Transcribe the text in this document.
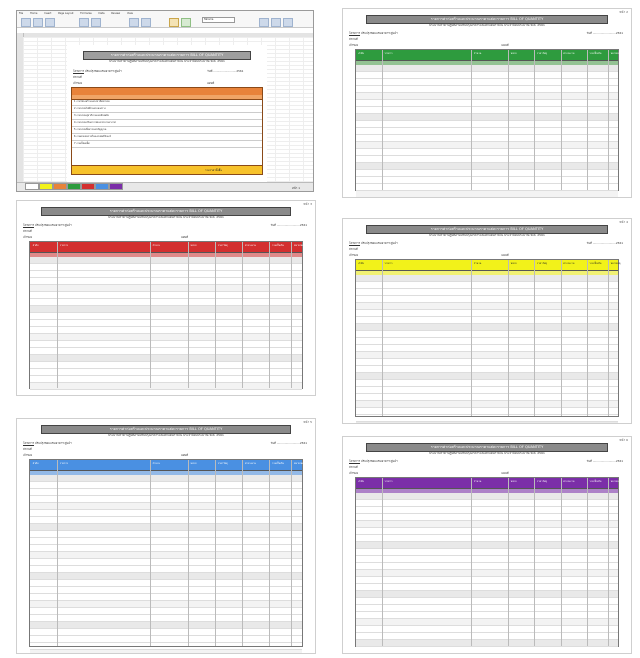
File	Home	Insert	Page Layout	Formulas	Data	Review	View
Tahoma
รายการค่าก่อสร้างและประมาณราคาแต่ละรายการ BILL OF QUANTITY
ประมาณราคาปฏิบัติงานปรับปรุงอาคารและตกแต่งภายใน ประจำปีงบประมาณ พ.ศ. 2561
โครงการ ปรับปรุงซ่อมแซมอาคาร ศูนย์ฯ	วันที่ ..........................2561
สถานที่
เจ้าของ	แผ่นที่
1 งานโครงสร้างและสถาปัตยกรรม
2 งานระบบไฟฟ้าและแสงสว่าง
3 งานระบบสุขาภิบาลและดับเพลิง
4 งานระบบปรับอากาศและระบายอากาศ
5 งานระบบสื่อสารและสัญญาณ
6 งานตกแต่งภายในและเฟอร์นิเจอร์
7 งานเบ็ดเตล็ด
รวมราคาทั้งสิ้น
หน้า 1
หน้า 2
รายการค่าก่อสร้างและประมาณราคาแต่ละรายการ BILL OF QUANTITY
ประมาณราคาปฏิบัติงานปรับปรุงอาคารและตกแต่งภายใน ประจำปีงบประมาณ พ.ศ. 2561
โครงการ ปรับปรุงซ่อมแซมอาคาร ศูนย์ฯ	วันที่ ..........................2561
สถานที่
เจ้าของ	แผ่นที่
ลำดับ	รายการ	จำนวน	หน่วย	ราคาวัสดุ	ค่าแรงงาน	รวมเป็นเงิน	หมายเหตุ
หน้า 3
รายการค่าก่อสร้างและประมาณราคาแต่ละรายการ BILL OF QUANTITY
ประมาณราคาปฏิบัติงานปรับปรุงอาคารและตกแต่งภายใน ประจำปีงบประมาณ พ.ศ. 2561
โครงการ ปรับปรุงซ่อมแซมอาคาร ศูนย์ฯ	วันที่ ..........................2561
สถานที่
เจ้าของ	แผ่นที่
ลำดับ	รายการ	จำนวน	หน่วย	ราคาวัสดุ	ค่าแรงงาน	รวมเป็นเงิน	หมายเหตุ
หน้า 4
รายการค่าก่อสร้างและประมาณราคาแต่ละรายการ BILL OF QUANTITY
ประมาณราคาปฏิบัติงานปรับปรุงอาคารและตกแต่งภายใน ประจำปีงบประมาณ พ.ศ. 2561
โครงการ ปรับปรุงซ่อมแซมอาคาร ศูนย์ฯ	วันที่ ..........................2561
สถานที่
เจ้าของ	แผ่นที่
ลำดับ	รายการ	จำนวน	หน่วย	ราคาวัสดุ	ค่าแรงงาน	รวมเป็นเงิน	หมายเหตุ
หน้า 5
รายการค่าก่อสร้างและประมาณราคาแต่ละรายการ BILL OF QUANTITY
ประมาณราคาปฏิบัติงานปรับปรุงอาคารและตกแต่งภายใน ประจำปีงบประมาณ พ.ศ. 2561
โครงการ ปรับปรุงซ่อมแซมอาคาร ศูนย์ฯ	วันที่ ..........................2561
สถานที่
เจ้าของ	แผ่นที่
ลำดับ	รายการ	จำนวน	หน่วย	ราคาวัสดุ	ค่าแรงงาน	รวมเป็นเงิน	หมายเหตุ
หน้า 6
รายการค่าก่อสร้างและประมาณราคาแต่ละรายการ BILL OF QUANTITY
ประมาณราคาปฏิบัติงานปรับปรุงอาคารและตกแต่งภายใน ประจำปีงบประมาณ พ.ศ. 2561
โครงการ ปรับปรุงซ่อมแซมอาคาร ศูนย์ฯ	วันที่ ..........................2561
สถานที่
เจ้าของ	แผ่นที่
ลำดับ	รายการ	จำนวน	หน่วย	ราคาวัสดุ	ค่าแรงงาน	รวมเป็นเงิน	หมายเหตุ
